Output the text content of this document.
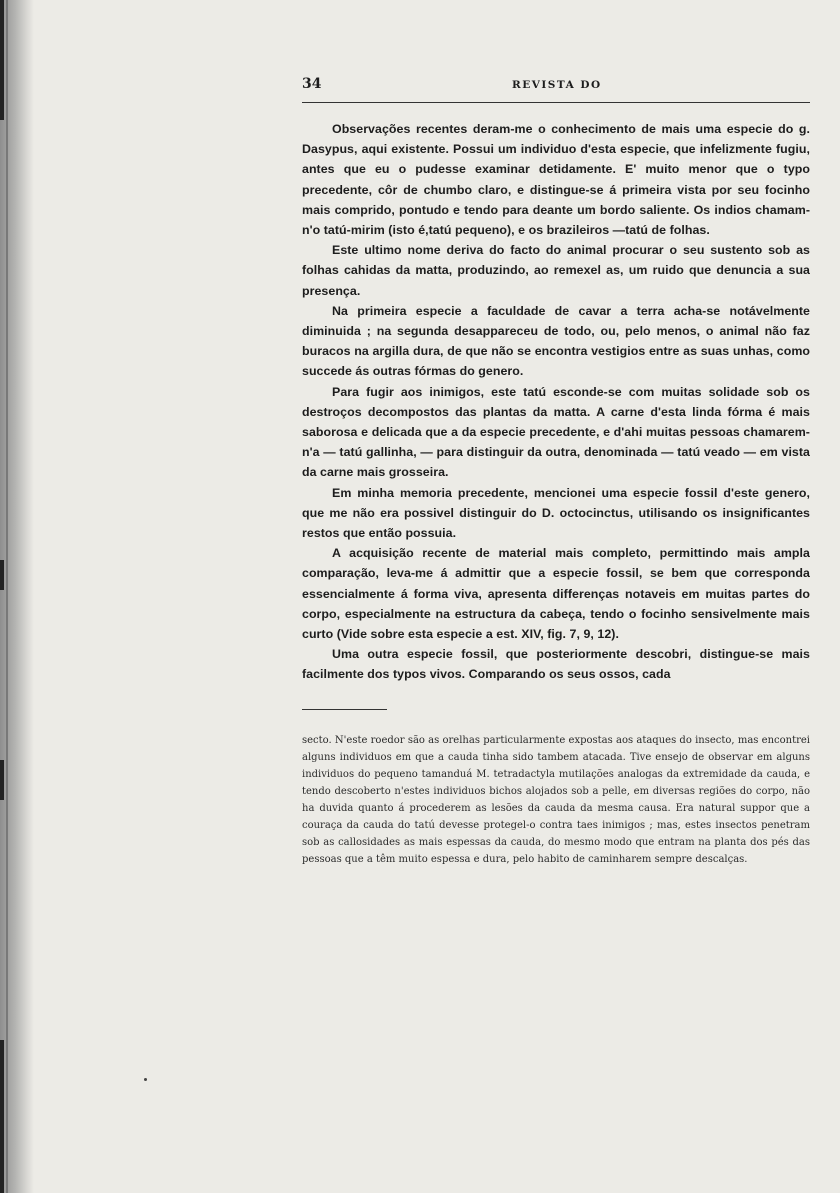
34	REVISTA DO

Observações recentes deram-me o conhecimento de mais uma especie do g. Dasypus, aqui existente. Possui um individuo d'esta especie, que infelizmente fugiu, antes que eu o pudesse examinar detidamente. E' muito menor que o typo precedente, côr de chumbo claro, e distingue-se á primeira vista por seu focinho mais comprido, pontudo e tendo para deante um bordo saliente. Os indios chamam-n'o tatú-mirim (isto é,tatú pequeno), e os brazileiros —tatú de folhas.

Este ultimo nome deriva do facto do animal procurar o seu sustento sob as folhas cahidas da matta, produzindo, ao remexel as, um ruido que denuncia a sua presença.

Na primeira especie a faculdade de cavar a terra acha-se notávelmente diminuida ; na segunda desappareceu de todo, ou, pelo menos, o animal não faz buracos na argilla dura, de que não se encontra vestigios entre as suas unhas, como succede ás outras fórmas do genero.

Para fugir aos inimigos, este tatú esconde-se com muitas solidade sob os destroços decompostos das plantas da matta. A carne d'esta linda fórma é mais saborosa e delicada que a da especie precedente, e d'ahi muitas pessoas chamarem-n'a — tatú gallinha, — para distinguir da outra, denominada — tatú veado — em vista da carne mais grosseira.

Em minha memoria precedente, mencionei uma especie fossil d'este genero, que me não era possivel distinguir do D. octocinctus, utilisando os insignificantes restos que então possuia.

A acquisição recente de material mais completo, permittindo mais ampla comparação, leva-me á admittir que a especie fossil, se bem que corresponda essencialmente á forma viva, apresenta differenças notaveis em muitas partes do corpo, especialmente na estructura da cabeça, tendo o focinho sensivelmente mais curto (Vide sobre esta especie a est. XIV, fig. 7, 9, 12).

Uma outra especie fossil, que posteriormente descobri, distingue-se mais facilmente dos typos vivos. Comparando os seus ossos, cada

secto. N'este roedor são as orelhas particularmente expostas aos ataques do insecto, mas encontrei alguns individuos em que a cauda tinha sido tambem atacada. Tive ensejo de observar em alguns individuos do pequeno tamanduá M. tetradactyla mutilações analogas da extremidade da cauda, e tendo descoberto n'estes individuos bichos alojados sob a pelle, em diversas regiões do corpo, não ha duvida quanto á procederem as lesões da cauda da mesma causa. Era natural suppor que a couraça da cauda do tatú devesse protegel-o contra taes inimigos ; mas, estes insectos penetram sob as callosidades as mais espessas da cauda, do mesmo modo que entram na planta dos pés das pessoas que a têm muito espessa e dura, pelo habito de caminharem sempre descalças.
